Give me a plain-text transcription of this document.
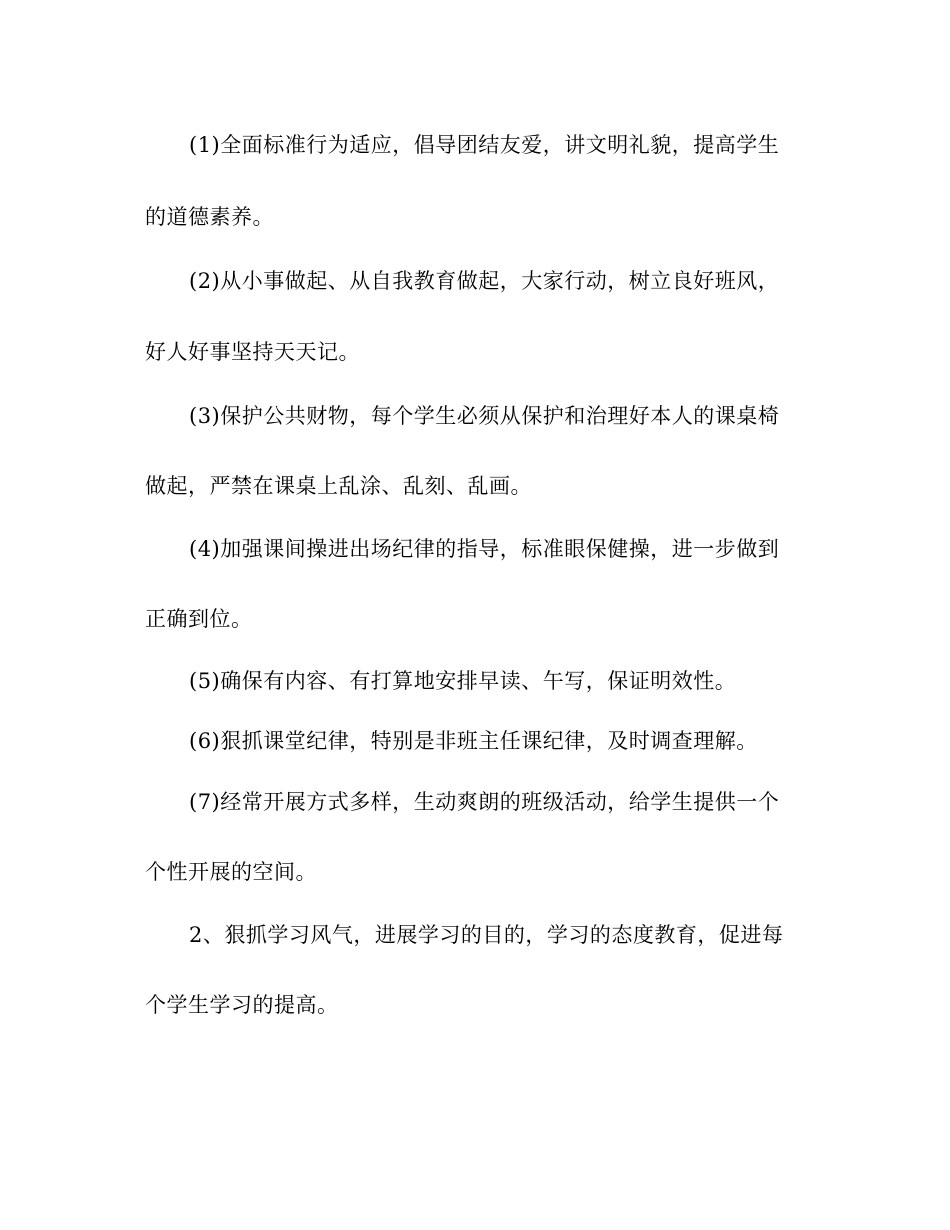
(1)全面标准行为适应，倡导团结友爱，讲文明礼貌，提高学生
的道德素养。
(2)从小事做起、从自我教育做起，大家行动，树立良好班风，
好人好事坚持天天记。
(3)保护公共财物，每个学生必须从保护和治理好本人的课桌椅
做起，严禁在课桌上乱涂、乱刻、乱画。
(4)加强课间操进出场纪律的指导，标准眼保健操，进一步做到
正确到位。
(5)确保有内容、有打算地安排早读、午写，保证明效性。
(6)狠抓课堂纪律，特别是非班主任课纪律，及时调查理解。
(7)经常开展方式多样，生动爽朗的班级活动，给学生提供一个
个性开展的空间。
2、狠抓学习风气，进展学习的目的，学习的态度教育，促进每
个学生学习的提高。
